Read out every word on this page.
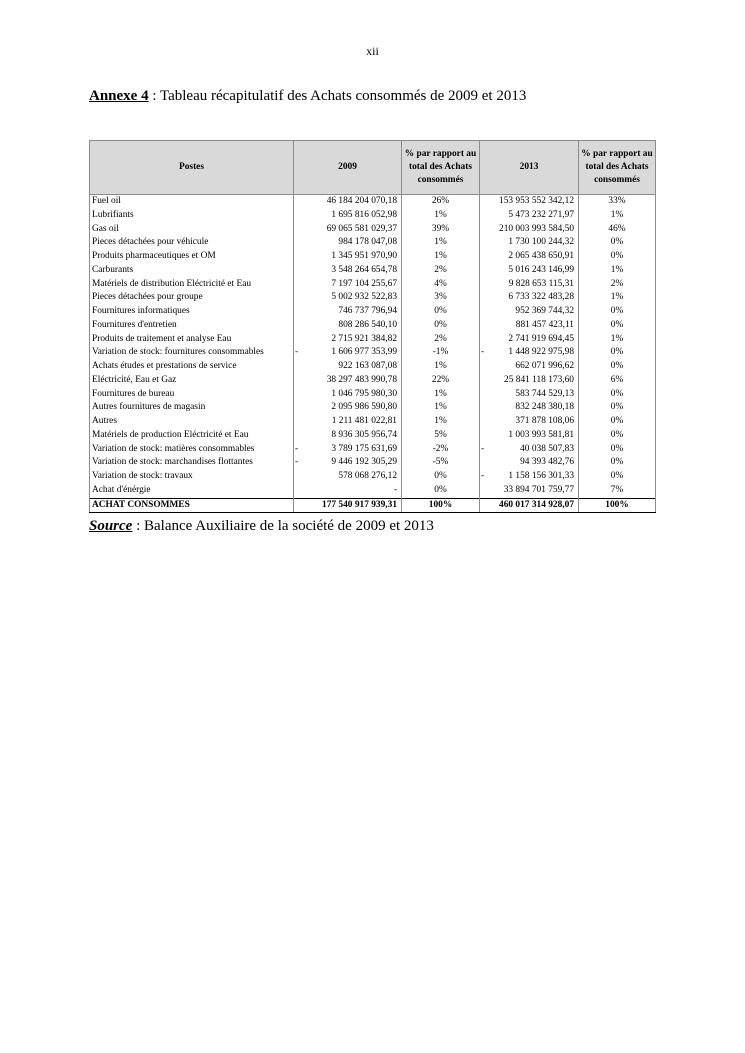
xii
Annexe 4 : Tableau récapitulatif des Achats consommés de 2009 et 2013
Postes	2009	% par rapport au total des Achats consommés	2013	% par rapport au total des Achats consommés
Fuel oil	46 184 204 070,18	26%	153 953 552 342,12	33%
Lubrifiants	1 695 816 052,98	1%	5 473 232 271,97	1%
Gas oil	69 065 581 029,37	39%	210 003 993 584,50	46%
Pieces détachées pour véhicule	984 178 047,08	1%	1 730 100 244,32	0%
Produits pharmaceutiques et OM	1 345 951 970,90	1%	2 065 438 650,91	0%
Carburants	3 548 264 654,78	2%	5 016 243 146,99	1%
Matériels de distribution Eléctricité et Eau	7 197 104 255,67	4%	9 828 653 115,31	2%
Pieces détachées pour groupe	5 002 932 522,83	3%	6 733 322 483,28	1%
Fournitures informatiques	746 737 796,94	0%	952 369 744,32	0%
Fournitures d'entretien	808 286 540,10	0%	881 457 423,11	0%
Produits de traitement et analyse Eau	2 715 921 384,82	2%	2 741 919 694,45	1%
Variation de stock: fournitures consommables	- 1 606 977 353,99	-1%	- 1 448 922 975,98	0%
Achats études et prestations de service	922 163 087,08	1%	662 071 996,62	0%
Eléctricité, Eau et Gaz	38 297 483 990,78	22%	25 841 118 173,60	6%
Fournitures de bureau	1 046 795 980,30	1%	583 744 529,13	0%
Autres fournitures de magasin	2 095 986 590,80	1%	832 248 380,18	0%
Autres	1 211 481 022,81	1%	371 878 108,06	0%
Matériels de production Eléctricité et Eau	8 936 305 956,74	5%	1 003 993 581,81	0%
Variation de stock: matières consommables	- 3 789 175 631,69	-2%	- 40 038 507,83	0%
Variation de stock: marchandises flottantes	- 9 446 192 305,29	-5%	94 393 482,76	0%
Variation de stock: travaux	578 068 276,12	0%	- 1 158 156 301,33	0%
Achat d'énérgie	-	0%	33 894 701 759,77	7%
ACHAT CONSOMMES	177 540 917 939,31	100%	460 017 314 928,07	100%
Source : Balance Auxiliaire de la société de 2009 et 2013
